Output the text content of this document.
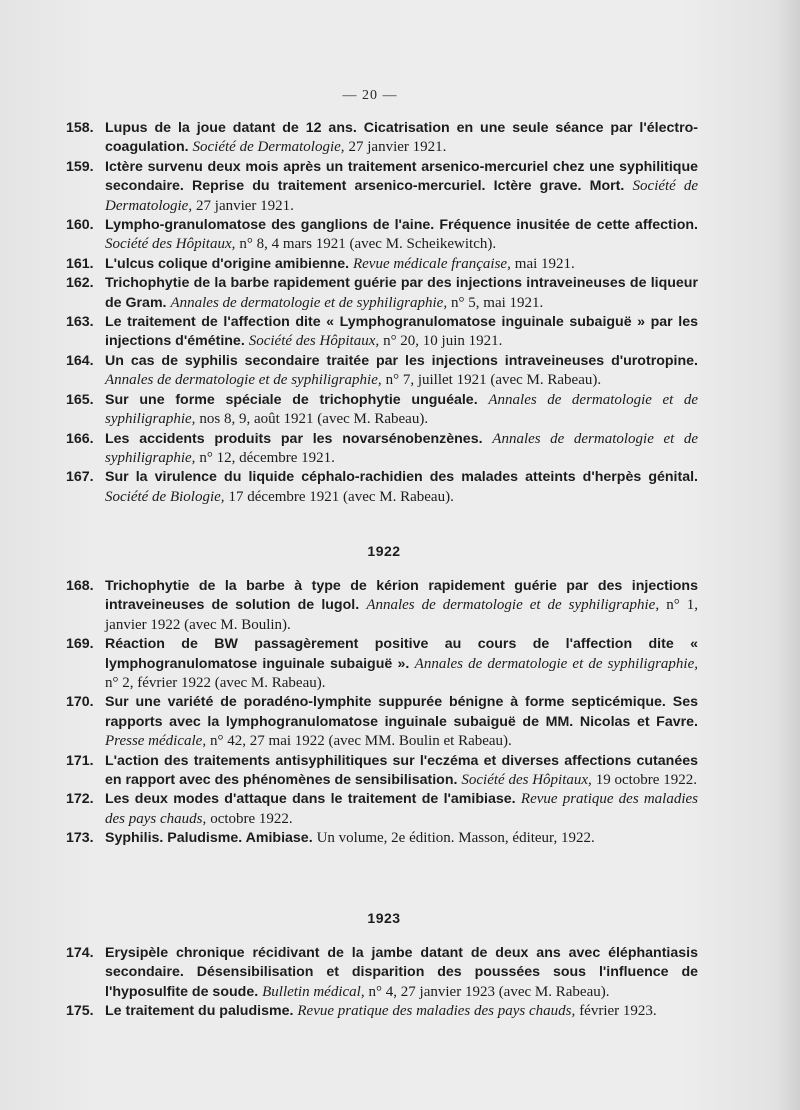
— 20 —
158. Lupus de la joue datant de 12 ans. Cicatrisation en une seule séance par l'électro-coagulation. Société de Dermatologie, 27 janvier 1921.
159. Ictère survenu deux mois après un traitement arsenico-mercuriel chez une syphilitique secondaire. Reprise du traitement arsenico-mercuriel. Ictère grave. Mort. Société de Dermatologie, 27 janvier 1921.
160. Lympho-granulomatose des ganglions de l'aine. Fréquence inusitée de cette affection. Société des Hôpitaux, n° 8, 4 mars 1921 (avec M. Scheikewitch).
161. L'ulcus colique d'origine amibienne. Revue médicale française, mai 1921.
162. Trichophytie de la barbe rapidement guérie par des injections intraveineuses de liqueur de Gram. Annales de dermatologie et de syphiligraphie, n° 5, mai 1921.
163. Le traitement de l'affection dite « Lymphogranulomatose inguinale subaiguë » par les injections d'émétine. Société des Hôpitaux, n° 20, 10 juin 1921.
164. Un cas de syphilis secondaire traitée par les injections intraveineuses d'urotropine. Annales de dermatologie et de syphiligraphie, n° 7, juillet 1921 (avec M. Rabeau).
165. Sur une forme spéciale de trichophytie unguéale. Annales de dermatologie et de syphiligraphie, nos 8, 9, août 1921 (avec M. Rabeau).
166. Les accidents produits par les novarsénobenzènes. Annales de dermatologie et de syphiligraphie, n° 12, décembre 1921.
167. Sur la virulence du liquide céphalo-rachidien des malades atteints d'herpès génital. Société de Biologie, 17 décembre 1921 (avec M. Rabeau).
1922
168. Trichophytie de la barbe à type de kérion rapidement guérie par des injections intraveineuses de solution de lugol. Annales de dermatologie et de syphiligraphie, n° 1, janvier 1922 (avec M. Boulin).
169. Réaction de BW passagèrement positive au cours de l'affection dite « lymphogranulomatose inguinale subaiguë ». Annales de dermatologie et de syphiligraphie, n° 2, février 1922 (avec M. Rabeau).
170. Sur une variété de poradéno-lymphite suppurée bénigne à forme septicémique. Ses rapports avec la lymphogranulomatose inguinale subaiguë de MM. Nicolas et Favre. Presse médicale, n° 42, 27 mai 1922 (avec MM. Boulin et Rabeau).
171. L'action des traitements antisyphilitiques sur l'eczéma et diverses affections cutanées en rapport avec des phénomènes de sensibilisation. Société des Hôpitaux, 19 octobre 1922.
172. Les deux modes d'attaque dans le traitement de l'amibiase. Revue pratique des maladies des pays chauds, octobre 1922.
173. Syphilis. Paludisme. Amibiase. Un volume, 2e édition. Masson, éditeur, 1922.
1923
174. Erysipèle chronique récidivant de la jambe datant de deux ans avec éléphantiasis secondaire. Désensibilisation et disparition des poussées sous l'influence de l'hyposulfite de soude. Bulletin médical, n° 4, 27 janvier 1923 (avec M. Rabeau).
175. Le traitement du paludisme. Revue pratique des maladies des pays chauds, février 1923.
